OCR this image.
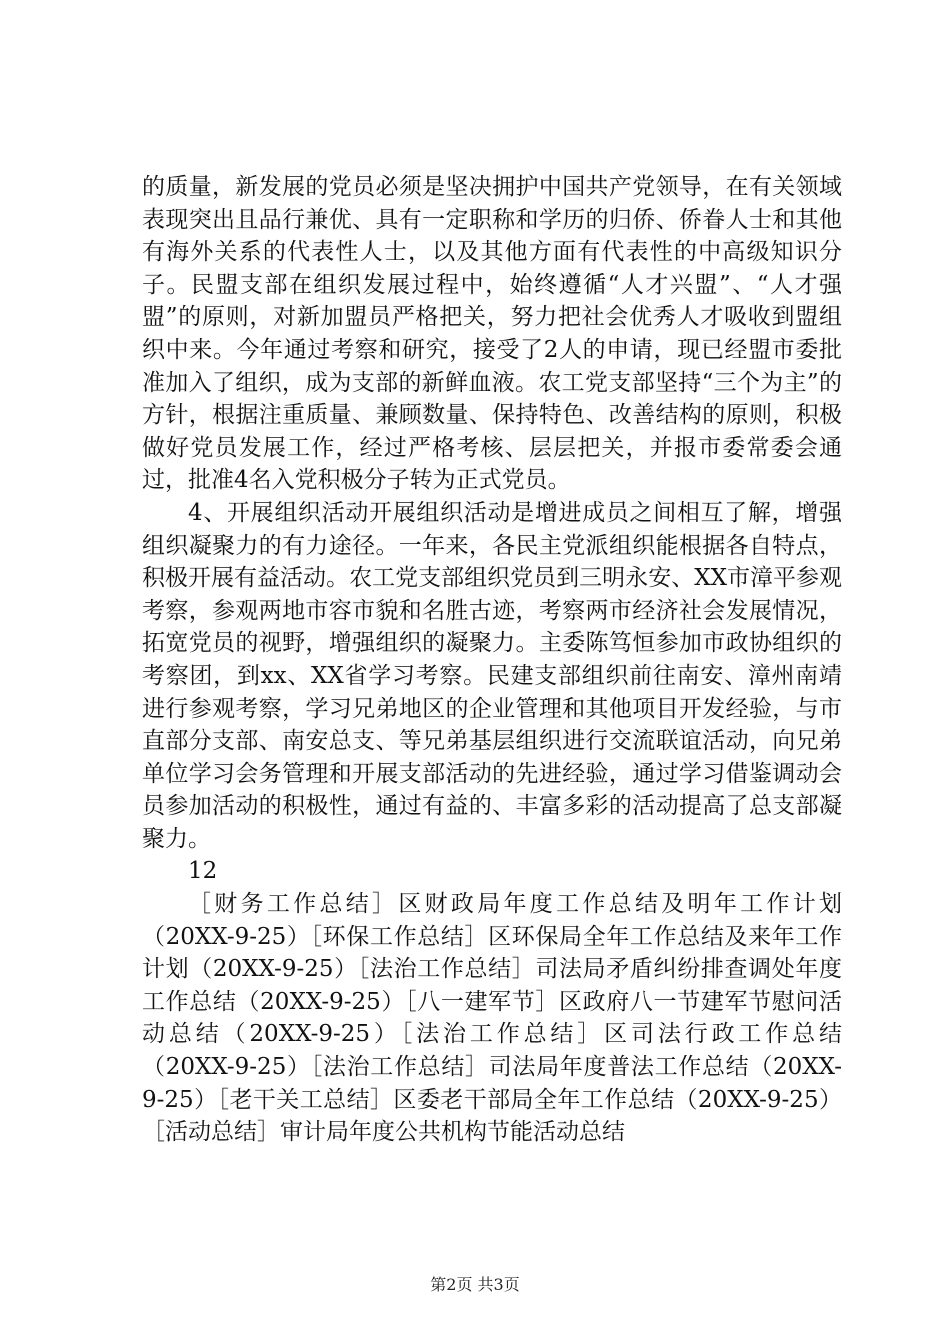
的质量，新发展的党员必须是坚决拥护中国共产党领导，在有关领域表现突出且品行兼优、具有一定职称和学历的归侨、侨眷人士和其他有海外关系的代表性人士，以及其他方面有代表性的中高级知识分子。民盟支部在组织发展过程中，始终遵循“人才兴盟”、“人才强盟”的原则，对新加盟员严格把关，努力把社会优秀人才吸收到盟组织中来。今年通过考察和研究，接受了2人的申请，现已经盟市委批准加入了组织，成为支部的新鲜血液。农工党支部坚持“三个为主”的方针，根据注重质量、兼顾数量、保持特色、改善结构的原则，积极做好党员发展工作，经过严格考核、层层把关，并报市委常委会通过，批准4名入党积极分子转为正式党员。

4、开展组织活动开展组织活动是增进成员之间相互了解，增强组织凝聚力的有力途径。一年来，各民主党派组织能根据各自特点，积极开展有益活动。农工党支部组织党员到三明永安、XX市漳平参观考察，参观两地市容市貌和名胜古迹，考察两市经济社会发展情况，拓宽党员的视野，增强组织的凝聚力。主委陈笃恒参加市政协组织的考察团，到xx、XX省学习考察。民建支部组织前往南安、漳州南靖进行参观考察，学习兄弟地区的企业管理和其他项目开发经验，与市直部分支部、南安总支、等兄弟基层组织进行交流联谊活动，向兄弟单位学习会务管理和开展支部活动的先进经验，通过学习借鉴调动会员参加活动的积极性，通过有益的、丰富多彩的活动提高了总支部凝聚力。

12

［财务工作总结］区财政局年度工作总结及明年工作计划（20XX-9-25）［环保工作总结］区环保局全年工作总结及来年工作计划（20XX-9-25）［法治工作总结］司法局矛盾纠纷排查调处年度工作总结（20XX-9-25）［八一建军节］区政府八一节建军节慰问活动总结（20XX-9-25）［法治工作总结］区司法行政工作总结（20XX-9-25）［法治工作总结］司法局年度普法工作总结（20XX-9-25）［老干关工总结］区委老干部局全年工作总结（20XX-9-25）［活动总结］审计局年度公共机构节能活动总结

第2页 共3页
